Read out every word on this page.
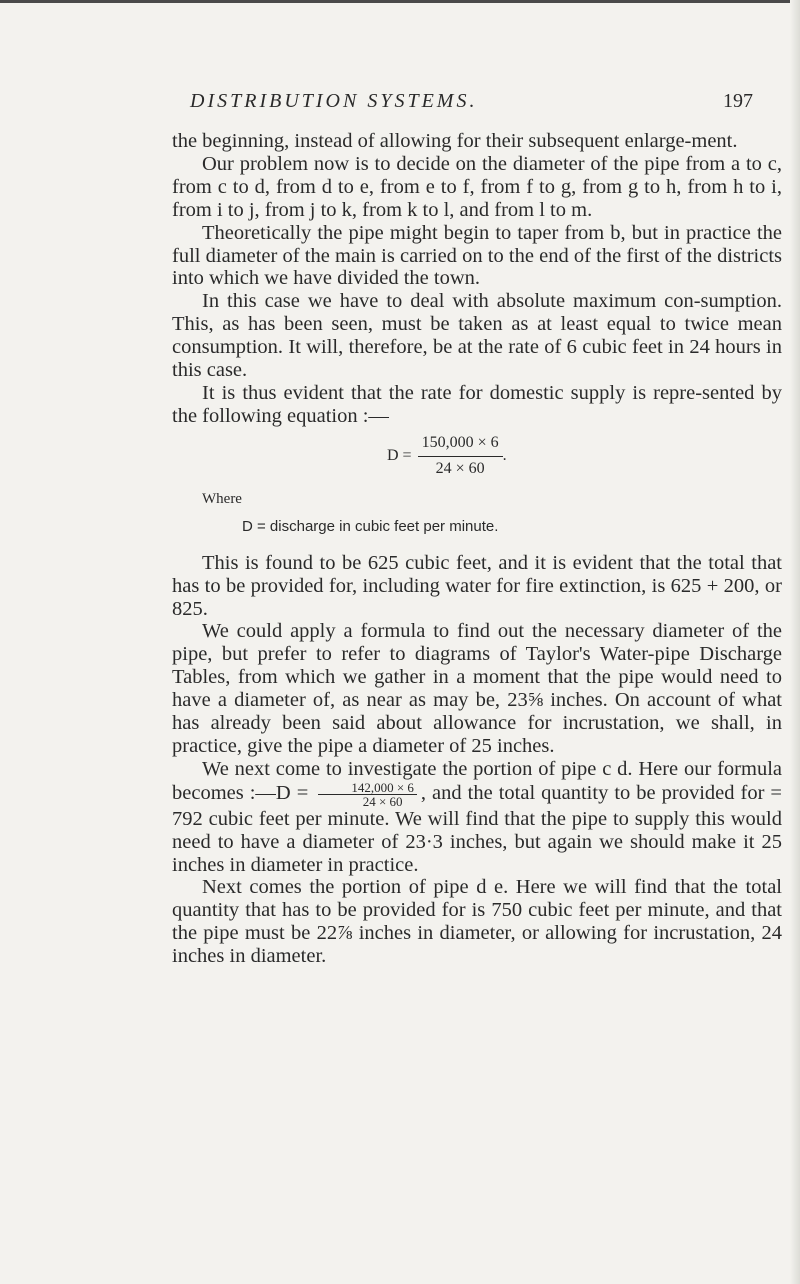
DISTRIBUTION SYSTEMS.	197

the beginning, instead of allowing for their subsequent enlarge-ment.

Our problem now is to decide on the diameter of the pipe from a to c, from c to d, from d to e, from e to f, from f to g, from g to h, from h to i, from i to j, from j to k, from k to l, and from l to m.

Theoretically the pipe might begin to taper from b, but in practice the full diameter of the main is carried on to the end of the first of the districts into which we have divided the town.

In this case we have to deal with absolute maximum con-sumption. This, as has been seen, must be taken as at least equal to twice mean consumption. It will, therefore, be at the rate of 6 cubic feet in 24 hours in this case.

It is thus evident that the rate for domestic supply is repre-sented by the following equation :—

$D = \frac{150,000 \times 6}{24 \times 60}$ .
Where

D = discharge in cubic feet per minute.

This is found to be 625 cubic feet, and it is evident that the total that has to be provided for, including water for fire extinction, is 625 + 200, or 825.

We could apply a formula to find out the necessary diameter of the pipe, but prefer to refer to diagrams of Taylor's Water-pipe Discharge Tables, from which we gather in a moment that the pipe would need to have a diameter of, as near as may be, 23⅝ inches. On account of what has already been said about allowance for incrustation, we shall, in practice, give the pipe a diameter of 25 inches.

We next come to investigate the portion of pipe c d. Here our formula becomes :—D = $\frac{142,000 \times 6}{24 \times 60}$ , and the total quantity to be provided for = 792 cubic feet per minute. We will find that the pipe to supply this would need to have a diameter of 23·3 inches, but again we should make it 25 inches in diameter in practice.

Next comes the portion of pipe d e. Here we will find that the total quantity that has to be provided for is 750 cubic feet per minute, and that the pipe must be 22⅞ inches in diameter, or allowing for incrustation, 24 inches in diameter.
